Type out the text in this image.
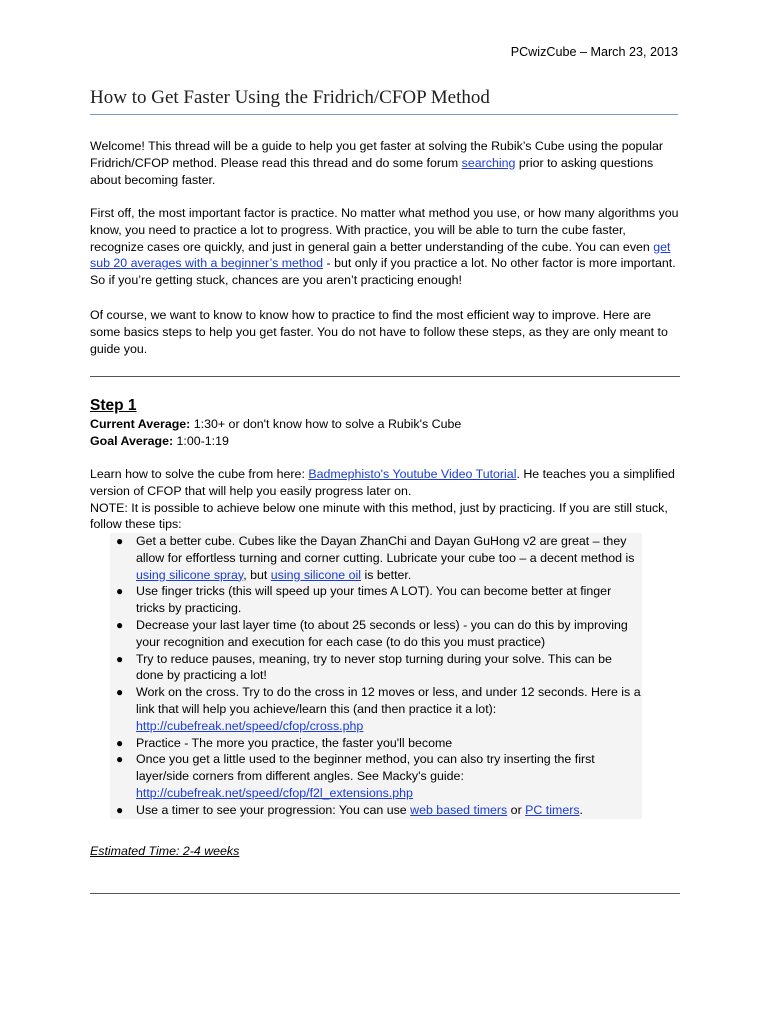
PCwizCube – March 23, 2013
How to Get Faster Using the Fridrich/CFOP Method

Welcome! This thread will be a guide to help you get faster at solving the Rubik’s Cube using the popular Fridrich/CFOP method. Please read this thread and do some forum searching prior to asking questions about becoming faster.

First off, the most important factor is practice. No matter what method you use, or how many algorithms you know, you need to practice a lot to progress. With practice, you will be able to turn the cube faster, recognize cases ore quickly, and just in general gain a better understanding of the cube. You can even get sub 20 averages with a beginner’s method - but only if you practice a lot. No other factor is more important. So if you’re getting stuck, chances are you aren’t practicing enough!

Of course, we want to know to know how to practice to find the most efficient way to improve. Here are some basics steps to help you get faster. You do not have to follow these steps, as they are only meant to guide you.

Step 1

Current Average: 1:30+ or don't know how to solve a Rubik's Cube

Goal Average: 1:00-1:19

Learn how to solve the cube from here: Badmephisto's Youtube Video Tutorial. He teaches you a simplified version of CFOP that will help you easily progress later on.

NOTE: It is possible to achieve below one minute with this method, just by practicing. If you are still stuck, follow these tips:

● Get a better cube. Cubes like the Dayan ZhanChi and Dayan GuHong v2 are great – they allow for effortless turning and corner cutting. Lubricate your cube too – a decent method is using silicone spray, but using silicone oil is better.
● Use finger tricks (this will speed up your times A LOT). You can become better at finger tricks by practicing.
● Decrease your last layer time (to about 25 seconds or less) - you can do this by improving your recognition and execution for each case (to do this you must practice)
● Try to reduce pauses, meaning, try to never stop turning during your solve. This can be done by practicing a lot!
● Work on the cross. Try to do the cross in 12 moves or less, and under 12 seconds. Here is a link that will help you achieve/learn this (and then practice it a lot): http://cubefreak.net/speed/cfop/cross.php
● Practice - The more you practice, the faster you'll become
● Once you get a little used to the beginner method, you can also try inserting the first layer/side corners from different angles. See Macky's guide: http://cubefreak.net/speed/cfop/f2l_extensions.php
● Use a timer to see your progression: You can use web based timers or PC timers.

Estimated Time: 2-4 weeks
